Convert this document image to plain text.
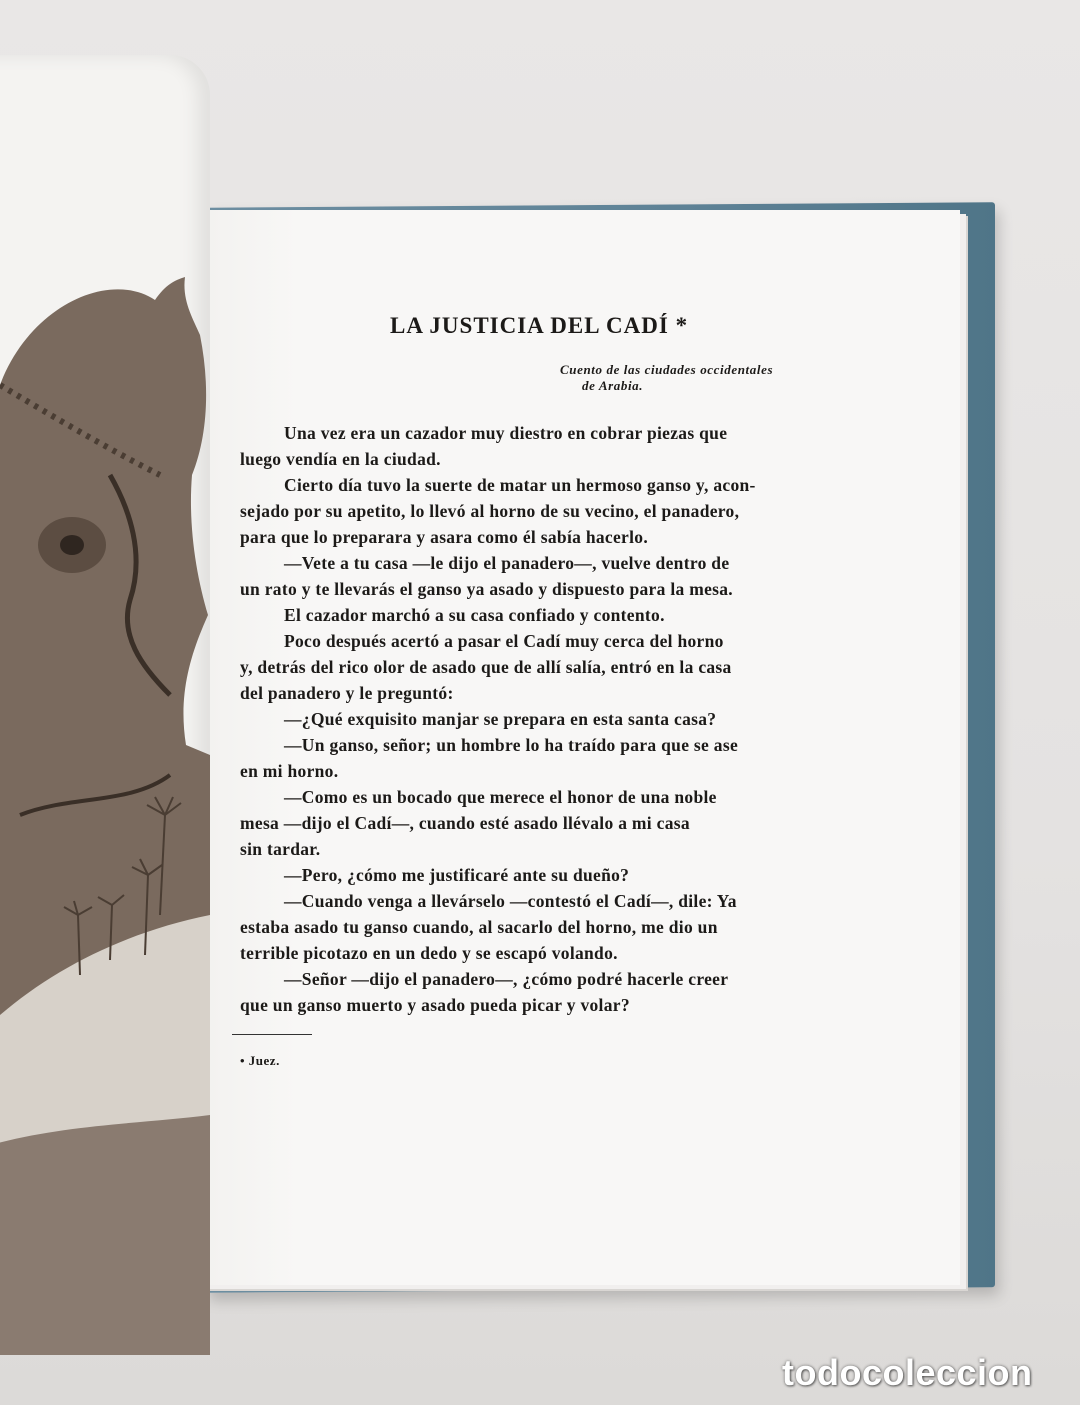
LA JUSTICIA DEL CADÍ *
Cuento de las ciudades occidentales
de Arabia.

Una vez era un cazador muy diestro en cobrar piezas que

luego vendía en la ciudad.

Cierto día tuvo la suerte de matar un hermoso ganso y, acon-

sejado por su apetito, lo llevó al horno de su vecino, el panadero,

para que lo preparara y asara como él sabía hacerlo.

—Vete a tu casa —le dijo el panadero—, vuelve dentro de

un rato y te llevarás el ganso ya asado y dispuesto para la mesa.

El cazador marchó a su casa confiado y contento.

Poco después acertó a pasar el Cadí muy cerca del horno

y, detrás del rico olor de asado que de allí salía, entró en la casa

del panadero y le preguntó:

—¿Qué exquisito manjar se prepara en esta santa casa?

—Un ganso, señor; un hombre lo ha traído para que se ase

en mi horno.

—Como es un bocado que merece el honor de una noble

mesa —dijo el Cadí—, cuando esté asado llévalo a mi casa

sin tardar.

—Pero, ¿cómo me justificaré ante su dueño?

—Cuando venga a llevárselo —contestó el Cadí—, dile: Ya

estaba asado tu ganso cuando, al sacarlo del horno, me dio un

terrible picotazo en un dedo y se escapó volando.

—Señor —dijo el panadero—, ¿cómo podré hacerle creer

que un ganso muerto y asado pueda picar y volar?

• Juez.
todocoleccion
